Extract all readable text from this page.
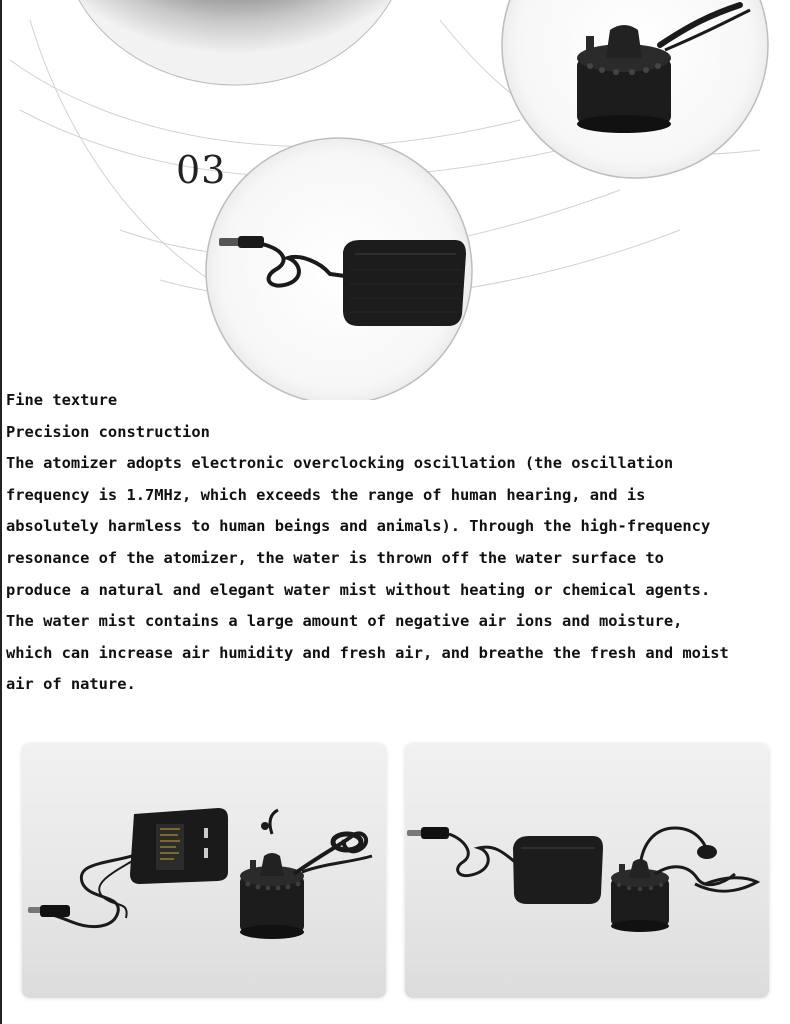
03

Fine texture

Precision construction

The atomizer adopts electronic overclocking oscillation (the oscillation

frequency is 1.7MHz, which exceeds the range of human hearing, and is

absolutely harmless to human beings and animals). Through the high-frequency

resonance of the atomizer, the water is thrown off the water surface to

produce a natural and elegant water mist without heating or chemical agents.

The water mist contains a large amount of negative air ions and moisture,

which can increase air humidity and fresh air, and breathe the fresh and moist

air of nature.
